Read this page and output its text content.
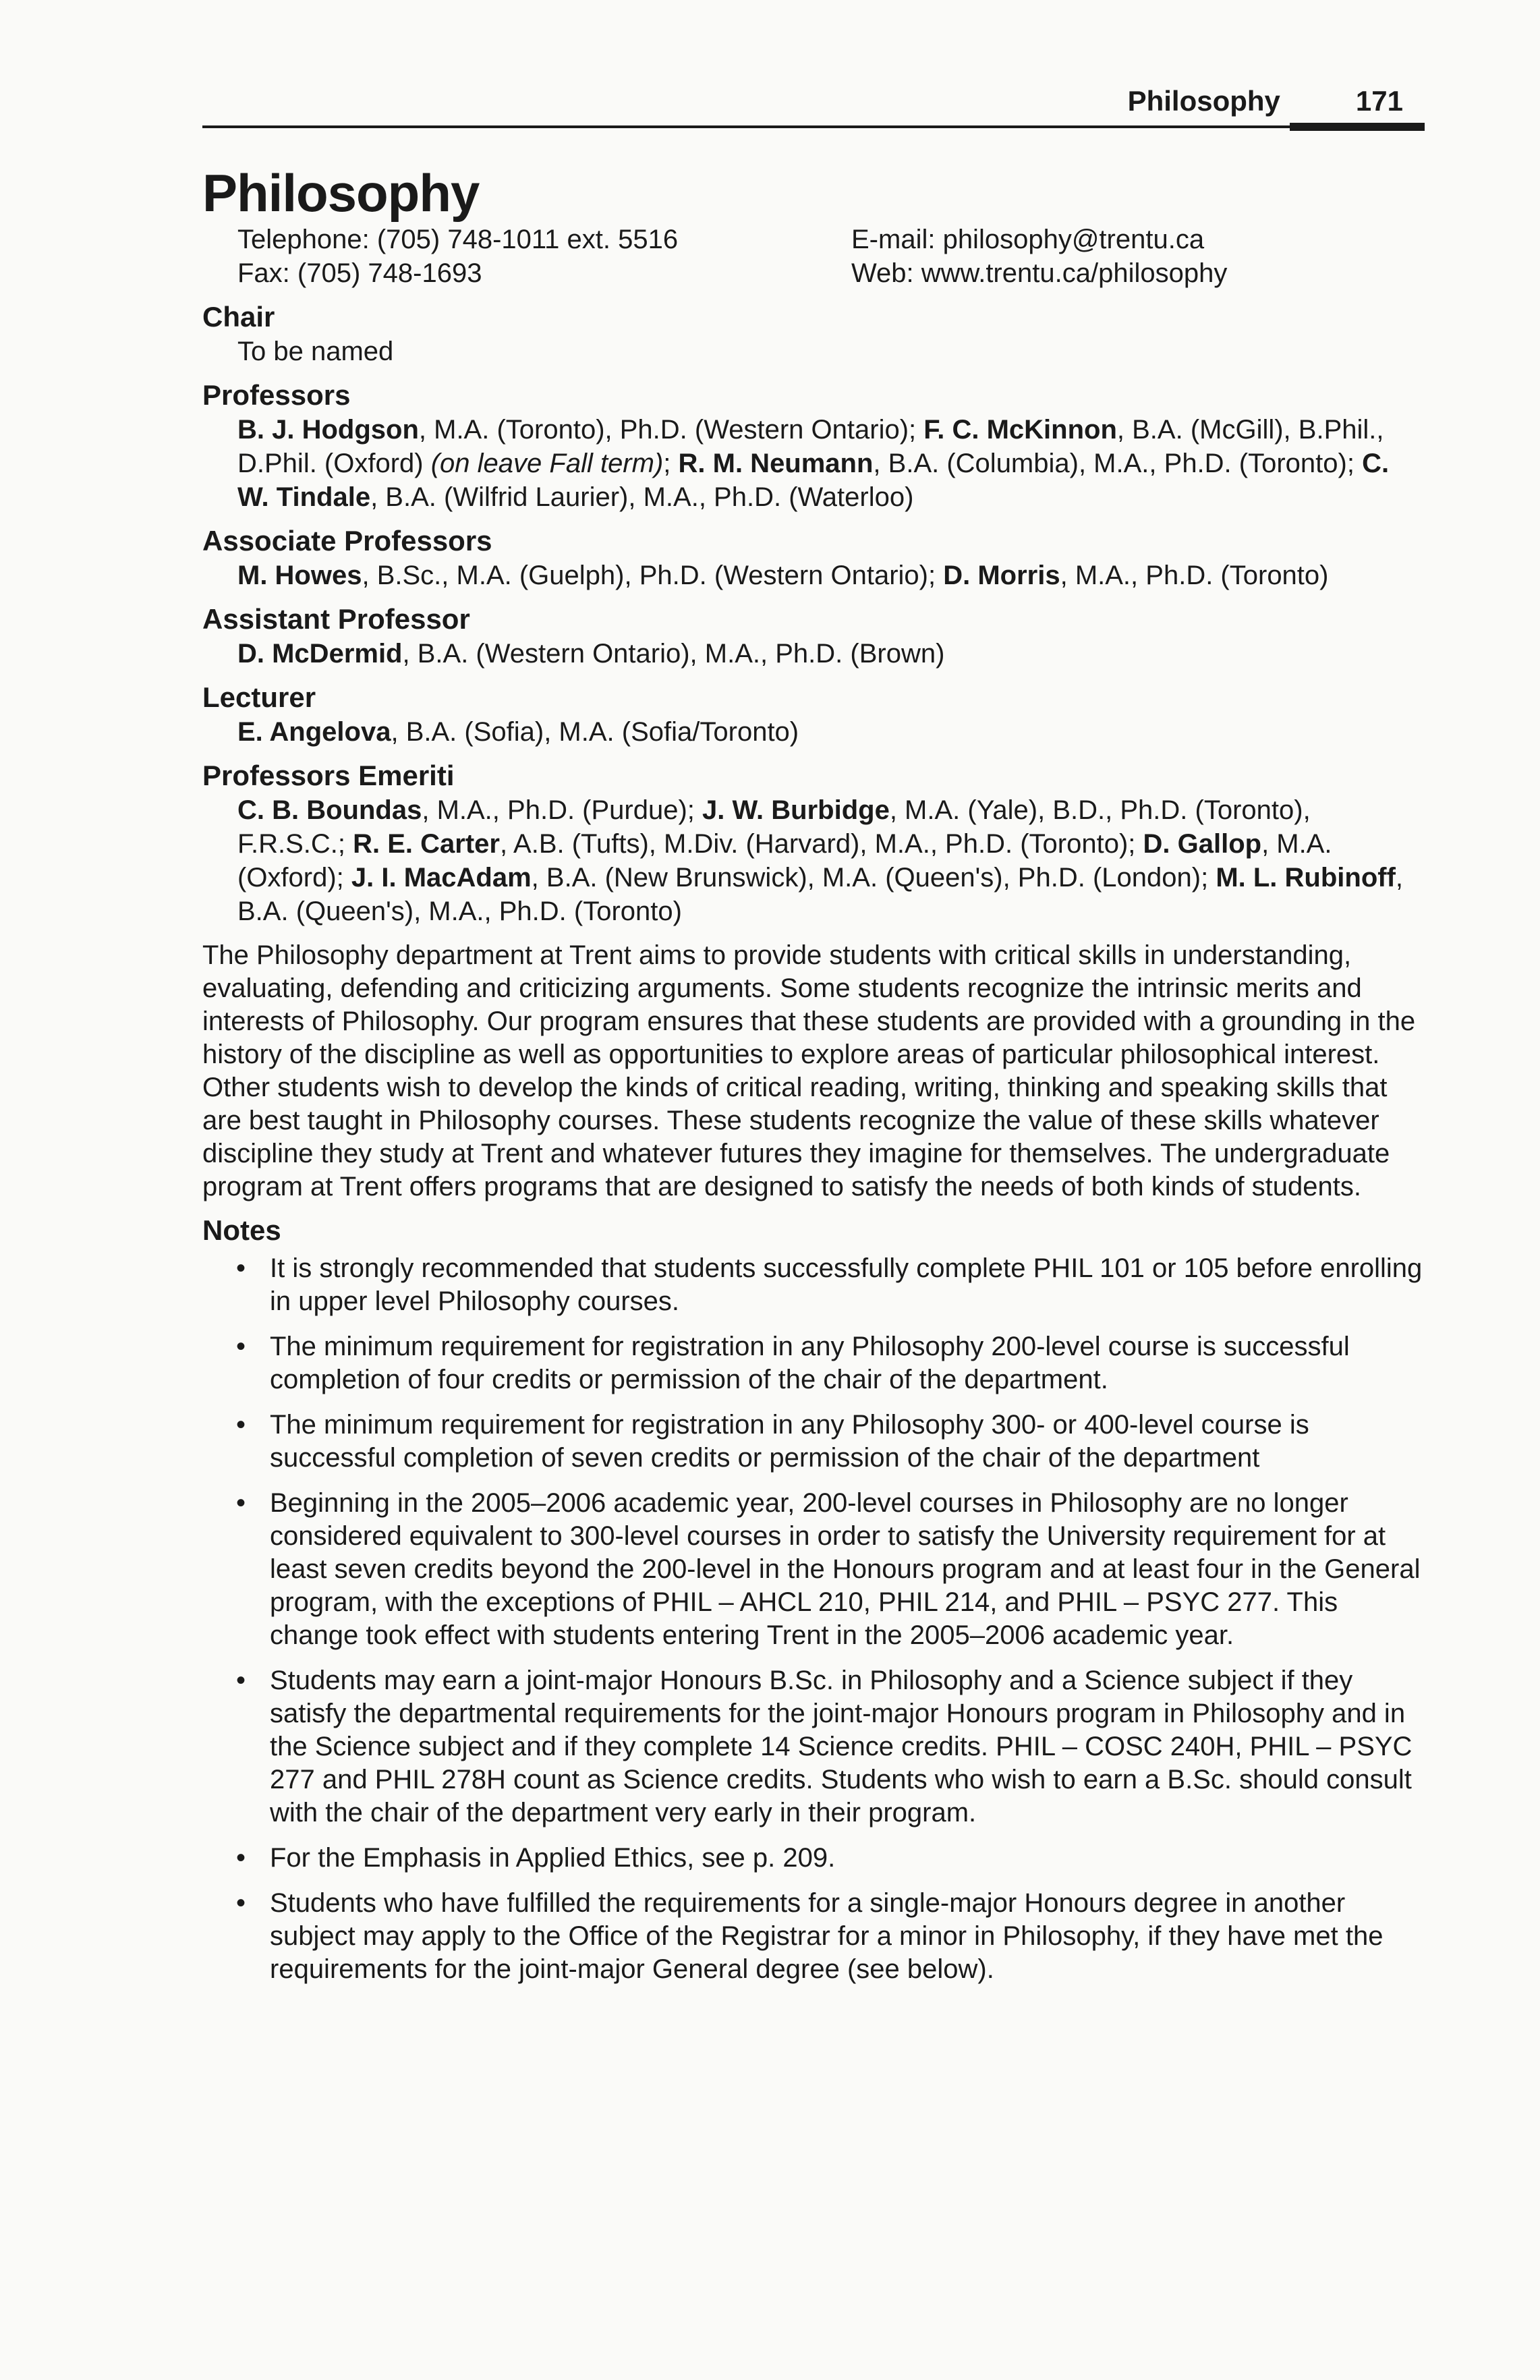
Philosophy	171
Philosophy
Telephone: (705) 748-1011 ext. 5516	E-mail: philosophy@trentu.ca
Fax: (705) 748-1693	Web: www.trentu.ca/philosophy
Chair
To be named
Professors
B. J. Hodgson, M.A. (Toronto), Ph.D. (Western Ontario); F. C. McKinnon, B.A. (McGill), B.Phil., D.Phil. (Oxford) (on leave Fall term); R. M. Neumann, B.A. (Columbia), M.A., Ph.D. (Toronto); C. W. Tindale, B.A. (Wilfrid Laurier), M.A., Ph.D. (Waterloo)
Associate Professors
M. Howes, B.Sc., M.A. (Guelph), Ph.D. (Western Ontario); D. Morris, M.A., Ph.D. (Toronto)
Assistant Professor
D. McDermid, B.A. (Western Ontario), M.A., Ph.D. (Brown)
Lecturer
E. Angelova, B.A. (Sofia), M.A. (Sofia/Toronto)
Professors Emeriti
C. B. Boundas, M.A., Ph.D. (Purdue); J. W. Burbidge, M.A. (Yale), B.D., Ph.D. (Toronto), F.R.S.C.; R. E. Carter, A.B. (Tufts), M.Div. (Harvard), M.A., Ph.D. (Toronto); D. Gallop, M.A. (Oxford); J. I. MacAdam, B.A. (New Brunswick), M.A. (Queen's), Ph.D. (London); M. L. Rubinoff, B.A. (Queen's), M.A., Ph.D. (Toronto)
The Philosophy department at Trent aims to provide students with critical skills in understanding, evaluating, defending and criticizing arguments. Some students recognize the intrinsic merits and interests of Philosophy. Our program ensures that these students are provided with a grounding in the history of the discipline as well as opportunities to explore areas of particular philosophical interest. Other students wish to develop the kinds of critical reading, writing, thinking and speaking skills that are best taught in Philosophy courses. These students recognize the value of these skills whatever discipline they study at Trent and whatever futures they imagine for themselves. The undergraduate program at Trent offers programs that are designed to satisfy the needs of both kinds of students.
Notes
• It is strongly recommended that students successfully complete PHIL 101 or 105 before enrolling in upper level Philosophy courses.
• The minimum requirement for registration in any Philosophy 200-level course is successful completion of four credits or permission of the chair of the department.
• The minimum requirement for registration in any Philosophy 300- or 400-level course is successful completion of seven credits or permission of the chair of the department
• Beginning in the 2005–2006 academic year, 200-level courses in Philosophy are no longer considered equivalent to 300-level courses in order to satisfy the University requirement for at least seven credits beyond the 200-level in the Honours program and at least four in the General program, with the exceptions of PHIL – AHCL 210, PHIL 214, and PHIL – PSYC 277. This change took effect with students entering Trent in the 2005–2006 academic year.
• Students may earn a joint-major Honours B.Sc. in Philosophy and a Science subject if they satisfy the departmental requirements for the joint-major Honours program in Philosophy and in the Science subject and if they complete 14 Science credits. PHIL – COSC 240H, PHIL – PSYC 277 and PHIL 278H count as Science credits. Students who wish to earn a B.Sc. should consult with the chair of the department very early in their program.
• For the Emphasis in Applied Ethics, see p. 209.
• Students who have fulfilled the requirements for a single-major Honours degree in another subject may apply to the Office of the Registrar for a minor in Philosophy, if they have met the requirements for the joint-major General degree (see below).
